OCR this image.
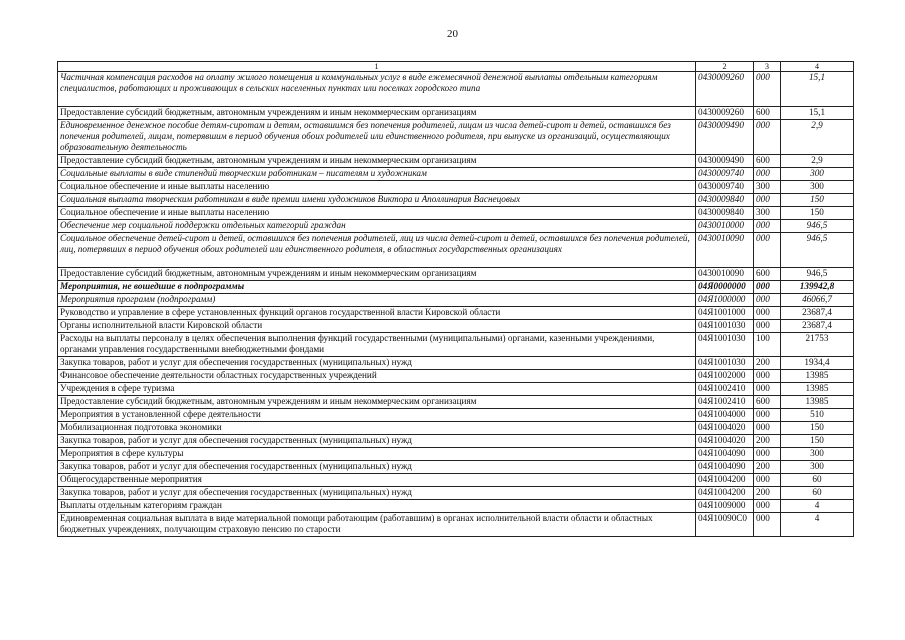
20
1	2	3	4
Частичная компенсация расходов на оплату жилого помещения и коммунальных услуг в виде ежемесячной денежной выплаты отдельным категориям специалистов, работающих и проживающих в сельских населенных пунктах или поселках городского типа	0430009260	000	15,1
Предоставление субсидий бюджетным, автономным учреждениям и иным некоммерческим организациям	0430009260	600	15,1
Единовременное денежное пособие детям-сиротам и детям, оставшимся без попечения родителей, лицам из числа детей-сирот и детей, оставшихся без попечения родителей, лицам, потерявшим в период обучения обоих родителей или единственного родителя, при выпуске из организаций, осуществляющих образовательную деятельность	0430009490	000	2,9
Предоставление субсидий бюджетным, автономным учреждениям и иным некоммерческим организациям	0430009490	600	2,9
Социальные выплаты в виде стипендий творческим работникам – писателям и художникам	0430009740	000	300
Социальное обеспечение и иные выплаты населению	0430009740	300	300
Социальная выплата творческим работникам в виде премии имени художников Виктора и Аполлинария Васнецовых	0430009840	000	150
Социальное обеспечение и иные выплаты населению	0430009840	300	150
Обеспечение мер социальной поддержки отдельных категорий граждан	0430010000	000	946,5
Социальное обеспечение детей-сирот и детей, оставшихся без попечения родителей, лиц из числа детей-сирот и детей, оставшихся без попечения родителей, лиц, потерявших в период обучения обоих родителей или единственного родителя, в областных государственных организациях	0430010090	000	946,5
Предоставление субсидий бюджетным, автономным учреждениям и иным некоммерческим организациям	0430010090	600	946,5
Мероприятия, не вошедшие в подпрограммы	04Я0000000	000	139942,8
Мероприятия программ (подпрограмм)	04Я1000000	000	46066,7
Руководство и управление в сфере установленных функций органов государственной власти Кировской области	04Я1001000	000	23687,4
Органы исполнительной власти Кировской области	04Я1001030	000	23687,4
Расходы на выплаты персоналу в целях обеспечения выполнения функций государственными (муниципальными) органами, казенными учреждениями, органами управления государственными внебюджетными фондами	04Я1001030	100	21753
Закупка товаров, работ и услуг для обеспечения государственных (муниципальных) нужд	04Я1001030	200	1934,4
Финансовое обеспечение деятельности областных государственных учреждений	04Я1002000	000	13985
Учреждения в сфере туризма	04Я1002410	000	13985
Предоставление субсидий бюджетным, автономным учреждениям и иным некоммерческим организациям	04Я1002410	600	13985
Мероприятия в установленной сфере деятельности	04Я1004000	000	510
Мобилизационная подготовка экономики	04Я1004020	000	150
Закупка товаров, работ и услуг для обеспечения государственных (муниципальных) нужд	04Я1004020	200	150
Мероприятия в сфере культуры	04Я1004090	000	300
Закупка товаров, работ и услуг для обеспечения государственных (муниципальных) нужд	04Я1004090	200	300
Общегосударственные мероприятия	04Я1004200	000	60
Закупка товаров, работ и услуг для обеспечения государственных (муниципальных) нужд	04Я1004200	200	60
Выплаты отдельным категориям граждан	04Я1009000	000	4
Единовременная социальная выплата в виде материальной помощи работающим (работавшим) в органах исполнительной власти области и областных бюджетных учреждениях, получающим страховую пенсию по старости	04Я10090С0	000	4
